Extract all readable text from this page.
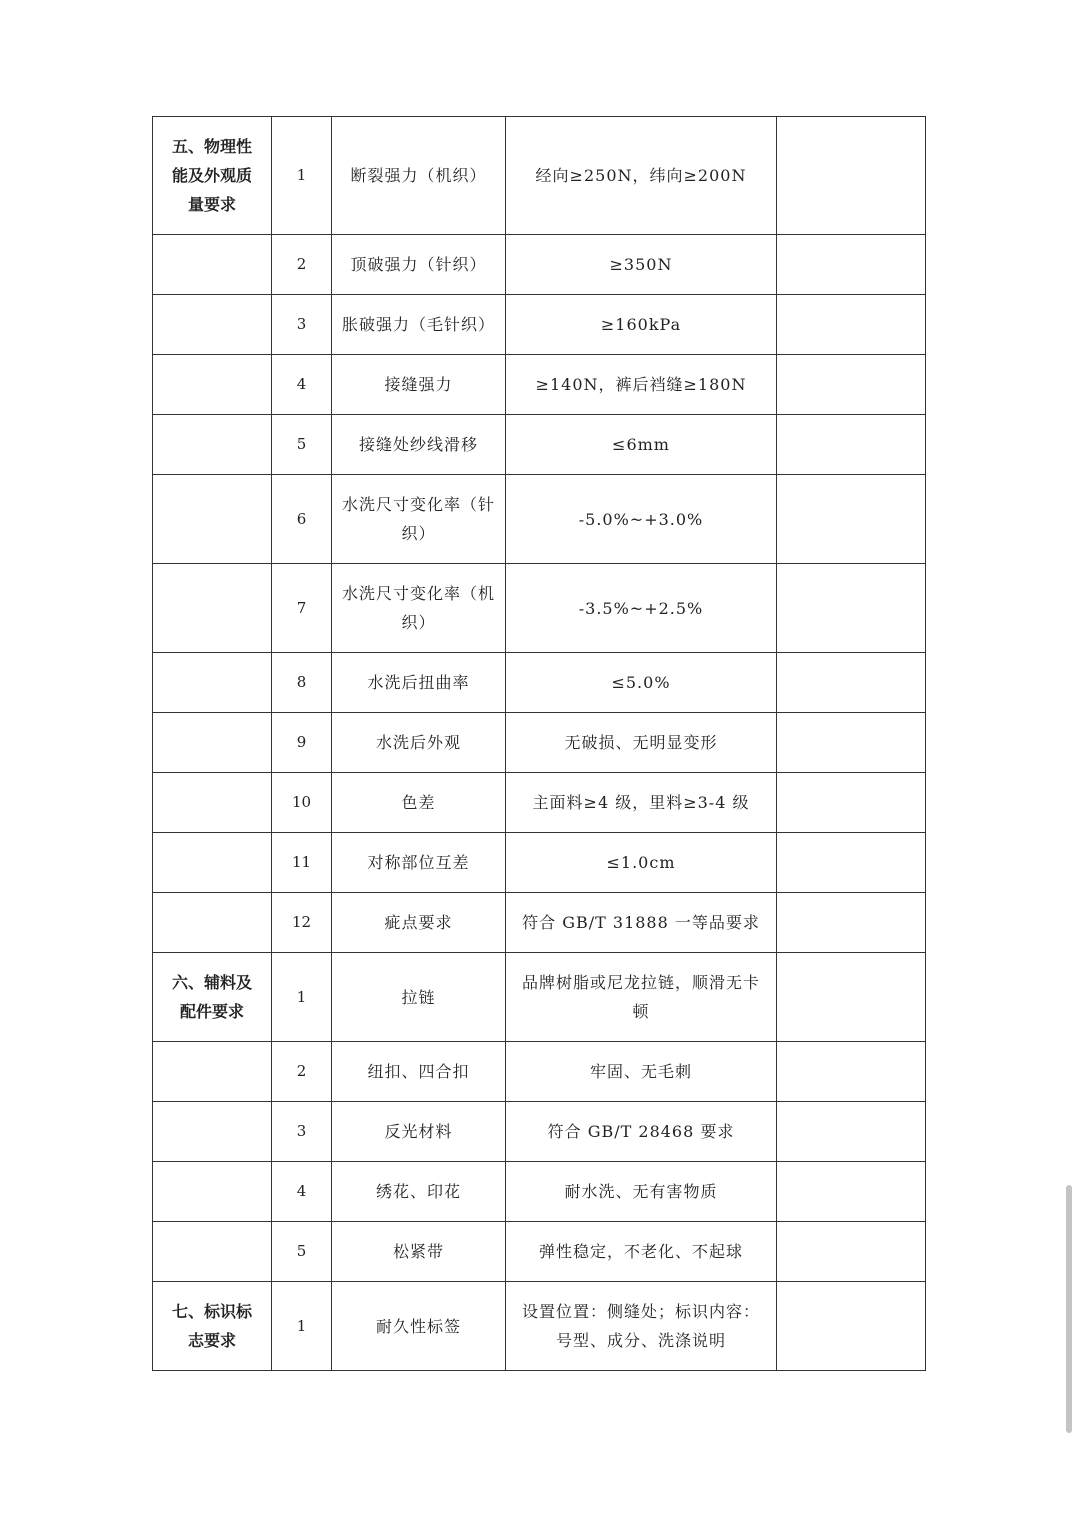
五、物理性能及外观质量要求	1	断裂强力（机织）	经向≥250N，纬向≥200N	
	2	顶破强力（针织）	≥350N	
	3	胀破强力（毛针织）	≥160kPa	
	4	接缝强力	≥140N，裤后裆缝≥180N	
	5	接缝处纱线滑移	≤6mm	
	6	水洗尺寸变化率（针织）	-5.0%~+3.0%	
	7	水洗尺寸变化率（机织）	-3.5%~+2.5%	
	8	水洗后扭曲率	≤5.0%	
	9	水洗后外观	无破损、无明显变形	
	10	色差	主面料≥4 级，里料≥3-4 级	
	11	对称部位互差	≤1.0cm	
	12	疵点要求	符合 GB/T 31888 一等品要求	
六、辅料及配件要求	1	拉链	品牌树脂或尼龙拉链，顺滑无卡顿	
	2	纽扣、四合扣	牢固、无毛刺	
	3	反光材料	符合 GB/T 28468 要求	
	4	绣花、印花	耐水洗、无有害物质	
	5	松紧带	弹性稳定，不老化、不起球	
七、标识标志要求	1	耐久性标签	设置位置：侧缝处；标识内容：号型、成分、洗涤说明	
